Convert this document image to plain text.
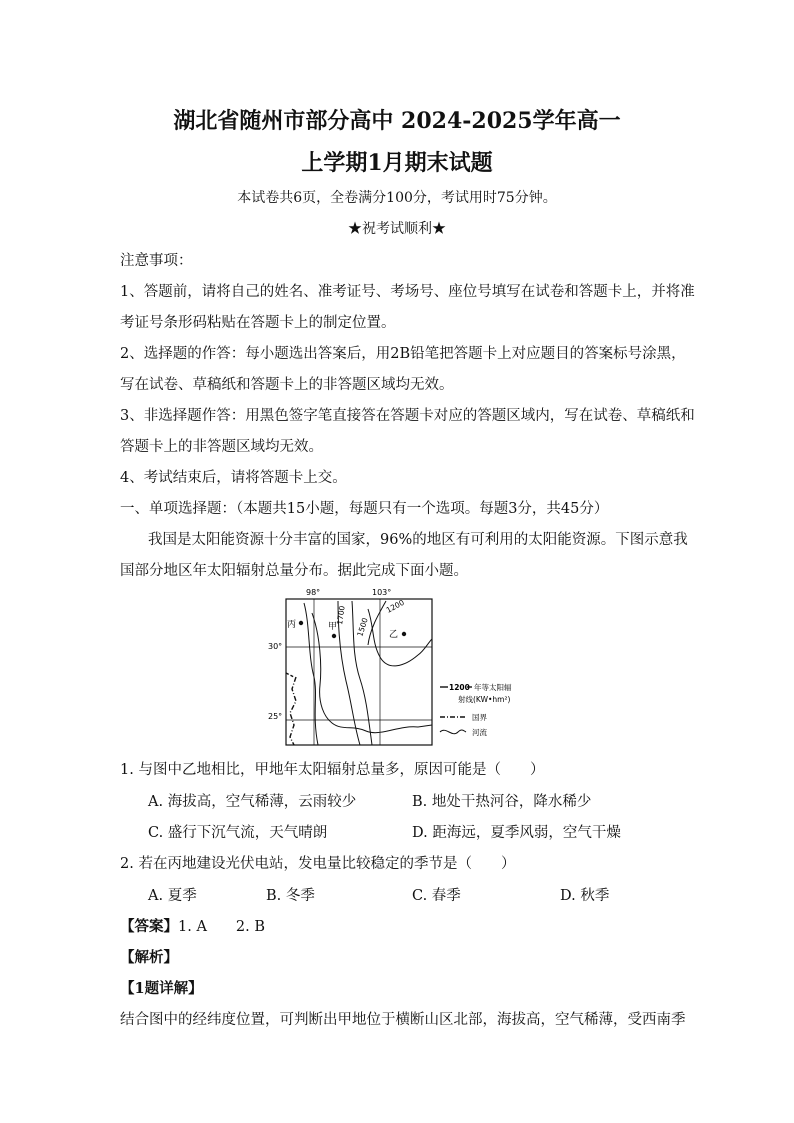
湖北省随州市部分高中 2024-2025学年高一
上学期1月期末试题
本试卷共6页，全卷满分100分，考试用时75分钟。
★祝考试顺利★
注意事项：
1、答题前，请将自己的姓名、准考证号、考场号、座位号填写在试卷和答题卡上，并将准
考证号条形码粘贴在答题卡上的制定位置。
2、选择题的作答：每小题选出答案后，用2B铅笔把答题卡上对应题目的答案标号涂黑，
写在试卷、草稿纸和答题卡上的非答题区域均无效。
3、非选择题作答：用黑色签字笔直接答在答题卡对应的答题区域内，写在试卷、草稿纸和
答题卡上的非答题区域均无效。
4、考试结束后，请将答题卡上交。
一、单项选择题：（本题共15小题，每题只有一个选项。每题3分，共45分）
我国是太阳能资源十分丰富的国家，96%的地区有可利用的太阳能资源。下图示意我
国部分地区年太阳辐射总量分布。据此完成下面小题。
98°	103°
30°
25°
1700
1500
1200
丙	甲
乙
1200 年等太阳辐
射线(KW•hm²)
国界
河流
1. 与图中乙地相比，甲地年太阳辐射总量多，原因可能是（　　）
A. 海拔高，空气稀薄，云雨较少	B. 地处干热河谷，降水稀少
C. 盛行下沉气流，天气晴朗	D. 距海远，夏季风弱，空气干燥
2. 若在丙地建设光伏电站，发电量比较稳定的季节是（　　）
A. 夏季	B. 冬季	C. 春季	D. 秋季
【答案】1. A　　2. B
【解析】
【1题详解】
结合图中的经纬度位置，可判断出甲地位于横断山区北部，海拔高，空气稀薄，受西南季
